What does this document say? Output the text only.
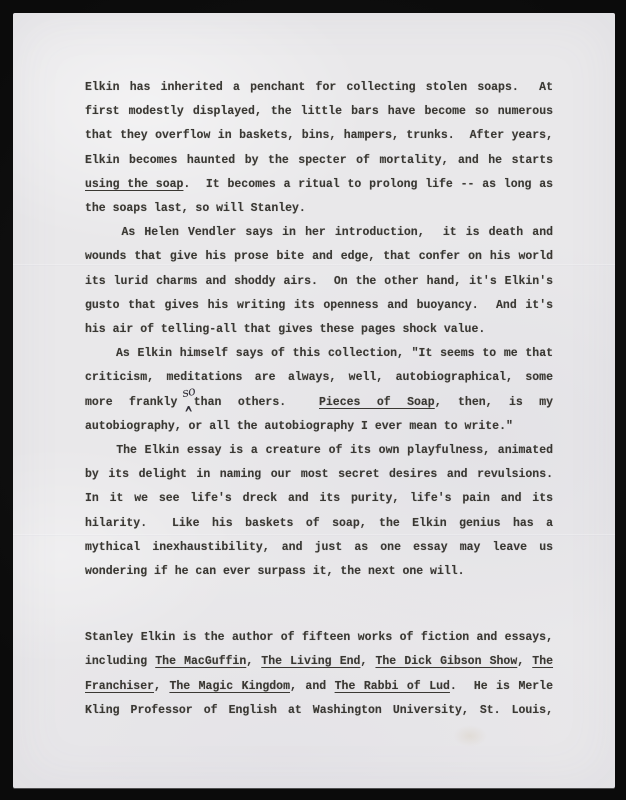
Elkin has inherited a penchant for collecting stolen soaps.  At
first modestly displayed, the little bars have become so numerous
that they overflow in baskets, bins, hampers, trunks.  After years,
Elkin becomes haunted by the specter of mortality, and he starts
using the soap.  It becomes a ritual to prolong life -- as long as
the soaps last, so will Stanley.
As Helen Vendler says in her introduction,  it is death and
wounds that give his prose bite and edge, that confer on his world
its lurid charms and shoddy airs.  On the other hand, it's Elkin's
gusto that gives his writing its openness and buoyancy.  And it's
his air of telling-all that gives these pages shock value.
As Elkin himself says of this collection, "It seems to me that
criticism, meditations are always, well, autobiographical, some
more frankly than others.  Pieces of Soap, then, is my
autobiography, or all the autobiography I ever mean to write."
The Elkin essay is a creature of its own playfulness, animated
by its delight in naming our most secret desires and revulsions.
In it we see life's dreck and its purity, life's pain and its
hilarity.  Like his baskets of soap, the Elkin genius has a
mythical inexhaustibility, and just as one essay may leave us
wondering if he can ever surpass it, the next one will.
Stanley Elkin is the author of fifteen works of fiction and essays,
including The MacGuffin, The Living End, The Dick Gibson Show, The
Franchiser, The Magic Kingdom, and The Rabbi of Lud.  He is Merle
Kling Professor of English at Washington University, St. Louis,
so
^
